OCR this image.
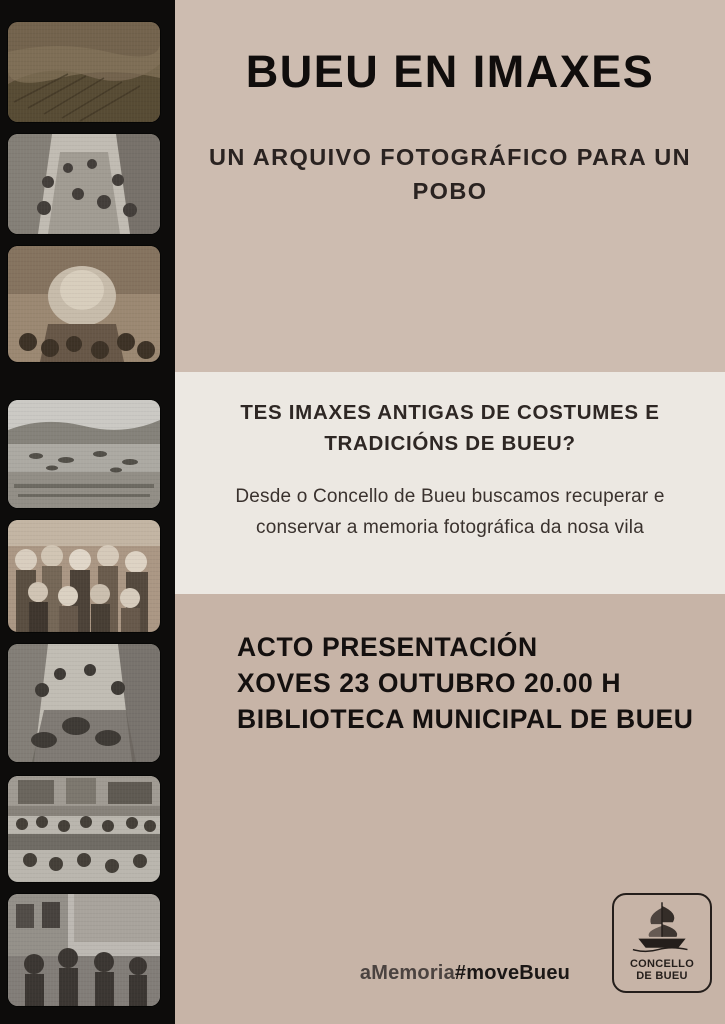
BUEU EN IMAXES
UN ARQUIVO FOTOGRÁFICO PARA UN POBO
TES IMAXES ANTIGAS DE COSTUMES E TRADICIÓNS DE BUEU?
Desde o Concello de Bueu buscamos recuperar e conservar a memoria fotográfica da nosa vila
ACTO PRESENTACIÓN
XOVES 23 OUTUBRO 20.00 H
BIBLIOTECA MUNICIPAL DE BUEU
aMemoria#moveBueu	CONCELLO
DE BUEU
